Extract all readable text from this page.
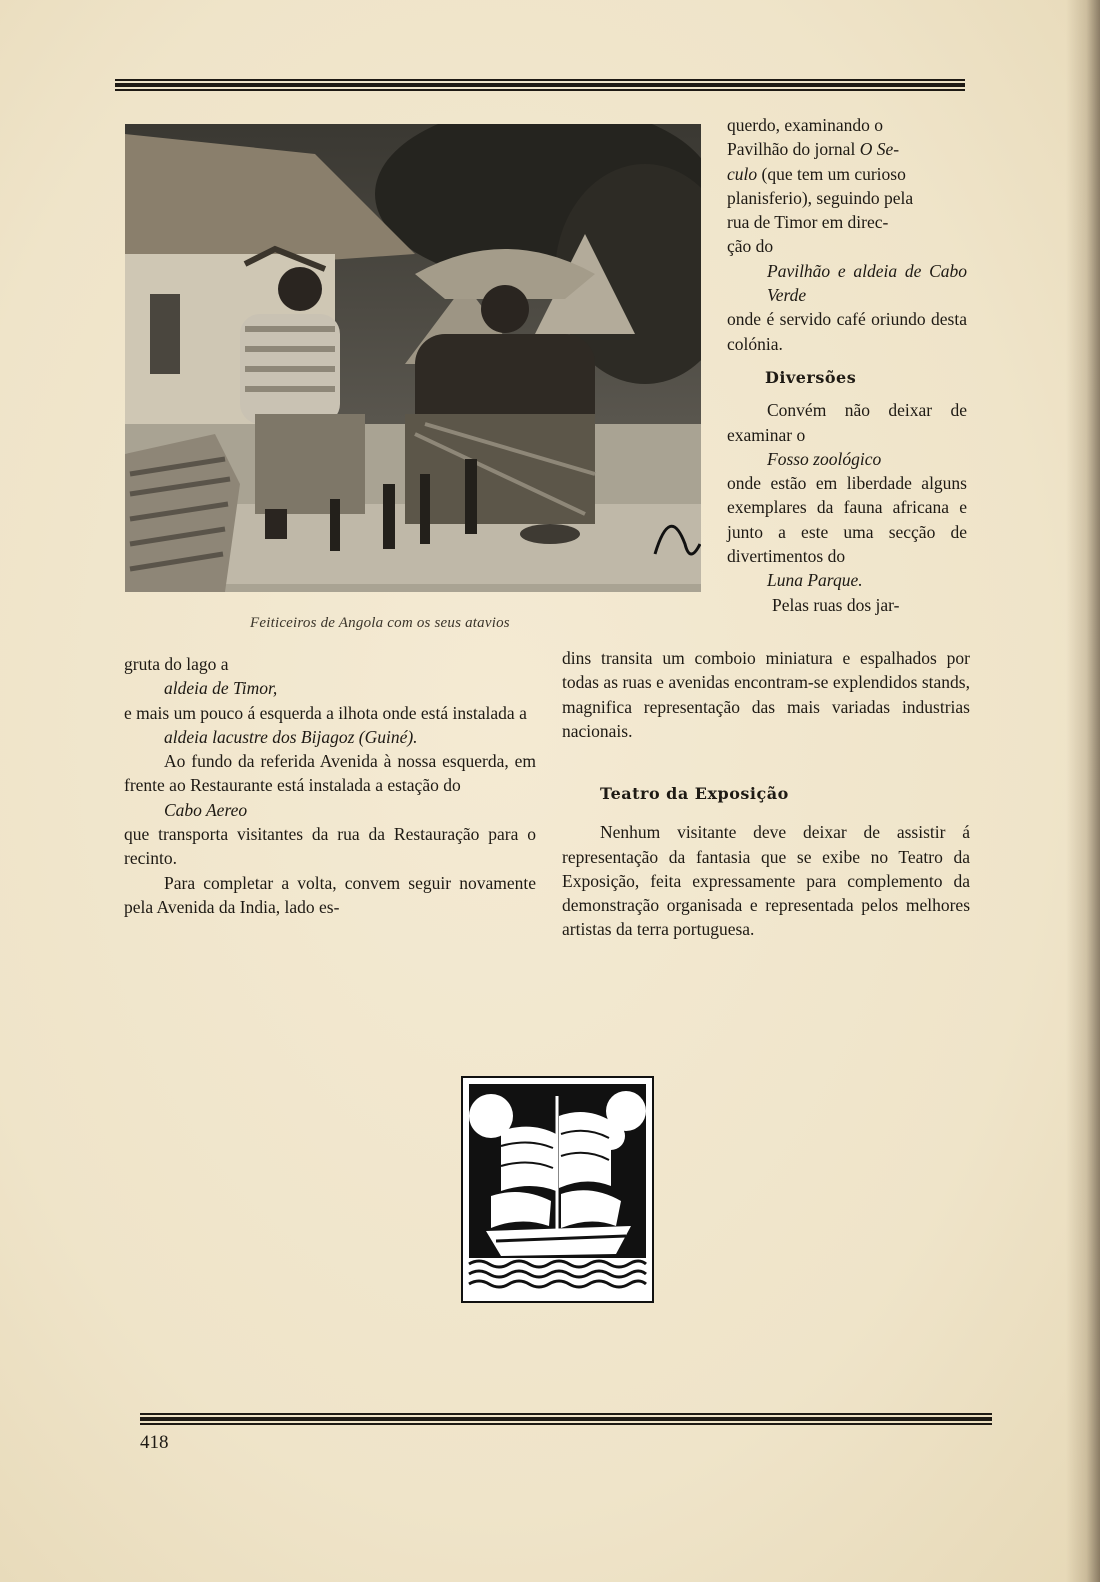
Feiticeiros de Angola com os seus atavios

querdo, examinando o

Pavilhão do jornal O Se-

culo (que tem um curioso

planisferio), seguindo pela

rua de Timor em direc-

ção do

Pavilhão e aldeia de Cabo Verde

onde é servido café oriundo desta colónia.

Diversões

Convém não deixar de examinar o

Fosso zoológico

onde estão em liberdade alguns exemplares da fauna africana e junto a este uma secção de divertimentos do

Luna Parque.

Pelas ruas dos jar-

dins transita um comboio miniatura e espalhados por todas as ruas e avenidas encontram-se explendidos stands, magnifica representação das mais variadas industrias nacionais.

gruta do lago a

aldeia de Timor,

e mais um pouco á esquerda a ilhota onde está instalada a

aldeia lacustre dos Bijagoz (Guiné).

Ao fundo da referida Avenida à nossa esquerda, em frente ao Restaurante está instalada a estação do

Cabo Aereo

que transporta visitantes da rua da Restauração para o recinto.

Para completar a volta, convem seguir novamente pela Avenida da India, lado es-

Teatro da Exposição

Nenhum visitante deve deixar de assistir á representação da fantasia que se exibe no Teatro da Exposição, feita expressamente para complemento da demonstração organisada e representada pelos melhores artistas da terra portuguesa.

418
